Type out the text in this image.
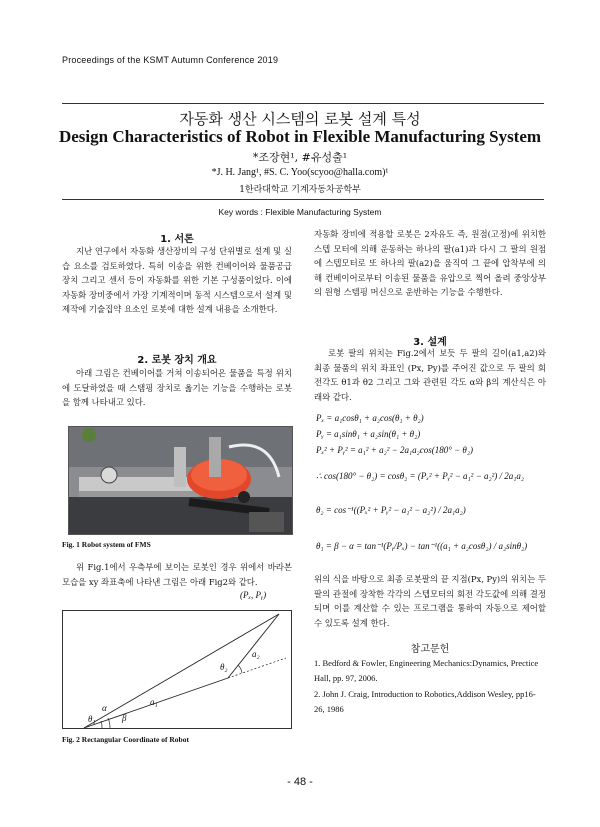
Proceedings of the KSMT Autumn Conference 2019
자동화 생산 시스템의 로봇 설계 특성
Design Characteristics of Robot in Flexible Manufacturing System
*조장현¹, #유성출¹
*J. H. Jang¹, #S. C. Yoo(scyoo@halla.com)¹
1한라대학교 기계자동차공학부
Key words : Flexible Manufacturing System
1. 서론

지난 연구에서 자동화 생산장비의 구성 단위별로 설계 및 실습 요소를 검토하였다. 특히 이송을 위한 컨베이어와 물품공급장치 그리고 센서 등이 자동화를 위한 기본 구성품이었다. 이에 자동화 장비중에서 가장 기계적이며 동적 시스템으로서 설계 및 제작에 기술집약 요소인 로봇에 대한 설계 내용을 소개한다.

2. 로봇 장치 개요

아래 그림은 컨베이어를 거쳐 이송되어온 물품을 특정 위치에 도달하였을 때 스탬핑 장치로 옮기는 기능을 수행하는 로봇을 함께 나타내고 있다.

Fig. 1 Robot system of FMS

위 Fig.1에서 우측부에 보이는 로봇인 경우 위에서 바라본 모습을 xy 좌표축에 나타낸 그림은 아래 Fig2와 같다.

(Pₓ, Pᵧ)
α
θ₁	β
a₁
a₂
θ₂
Fig. 2 Rectangular Coordinate of Robot

자동화 장비에 적용할 로봇은 2자유도 즉, 원점(고정)에 위치한 스텝 모터에 의해 운동하는 하나의 팔(a1)과 다시 그 팔의 원점에 스텝모터로 또 하나의 팔(a2)을 움직여 그 끝에 압착부에 의해 컨베이어로부터 이송된 물품을 유압으로 찍어 올려 중앙상부의 원형 스템핑 머신으로 운반하는 기능을 수행한다.

3. 설계

로봇 팔의 위치는 Fig.2에서 보듯 두 팔의 길이(a1,a2)와 최종 물품의 위치 좌표인 (Px, Py)를 주어진 값으로 두 팔의 회전각도 θ1과 θ2 그리고 그와 관련된 각도 α와 β의 계산식은 아래와 같다.

Pₓ = a₁cosθ₁ + a₂cos(θ₁ + θ₂)
Pᵧ = a₁sinθ₁ + a₂sin(θ₁ + θ₂)
Pₓ² + Pᵧ² = a₁² + a₂² − 2a₁a₂cos(180° − θ₂)
∴ cos(180° − θ₂) = cosθ₂ = (Pₓ² + Pᵧ² − a₁² − a₂²) / 2a₁a₂
θ₂ = cos⁻¹((Pₓ² + Pᵧ² − a₁² − a₂²) / 2a₁a₂)
θ₁ = β − α = tan⁻¹(Pᵧ/Pₓ) − tan⁻¹((a₁ + a₂cosθ₂) / a₂sinθ₂)

위의 식을 바탕으로 최종 로봇팔의 끝 지점(Px, Py)의 위치는 두 팔의 관절에 장착한 각각의 스텝모터의 회전 각도값에 의해 결정 되며 이를 계산할 수 있는 프로그램을 통하여 자동으로 제어할 수 있도록 설계 한다.

참고문헌
1. Bedford & Fowler, Engineering Mechanics:Dynamics, Prectice Hall, pp. 97, 2006.
2. John J. Craig, Introduction to Robotics,Addison Wesley, pp16-26, 1986
- 48 -
